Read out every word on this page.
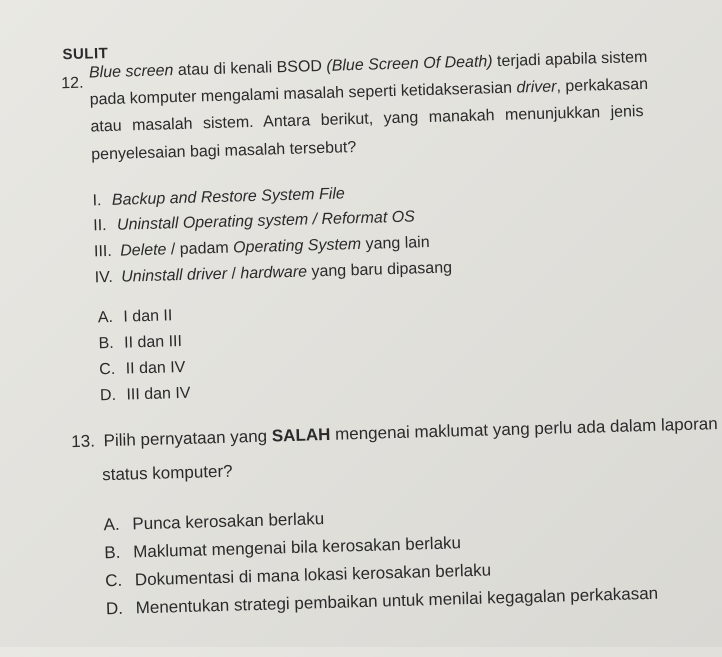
SULIT
12.
Blue screen atau di kenali BSOD (Blue Screen Of Death) terjadi apabila sistem
pada komputer mengalami masalah seperti ketidakserasian driver, perkakasan
atau masalah sistem. Antara berikut, yang manakah menunjukkan jenis
penyelesaian bagi masalah tersebut?
I. Backup and Restore System File
II. Uninstall Operating system / Reformat OS
III. Delete / padam Operating System yang lain
IV. Uninstall driver / hardware yang baru dipasang
A. I dan II
B. II dan III
C. II dan IV
D. III dan IV
13. Pilih pernyataan yang SALAH mengenai maklumat yang perlu ada dalam laporan
status komputer?
A. Punca kerosakan berlaku
B. Maklumat mengenai bila kerosakan berlaku
C. Dokumentasi di mana lokasi kerosakan berlaku
D. Menentukan strategi pembaikan untuk menilai kegagalan perkakasan
